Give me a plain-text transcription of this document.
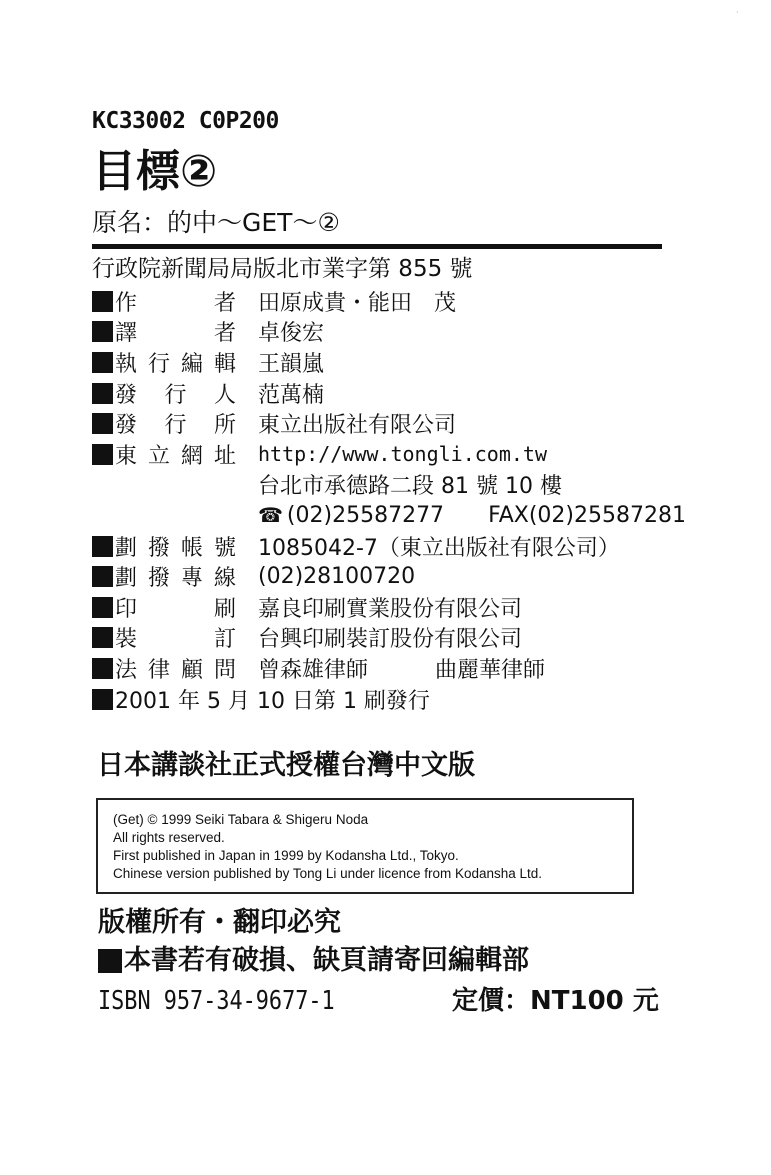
·
KC33002 C0P200
目標②
原名：的中～GET～②
行政院新聞局局版北市業字第 855 號
作者	田原成貴・能田　茂
譯者	卓俊宏
執行編輯	王韻嵐
發行人	范萬楠
發行所	東立出版社有限公司
東立網址	http://www.tongli.com.tw
台北市承德路二段 81 號 10 樓
☎ (02)25587277 FAX(02)25587281
劃撥帳號	1085042-7（東立出版社有限公司）
劃撥專線	(02)28100720
印刷	嘉良印刷實業股份有限公司
裝訂	台興印刷裝訂股份有限公司
法律顧問	曾森雄律師 曲麗華律師
2001 年 5 月 10 日第 1 刷發行
日本講談社正式授權台灣中文版
(Get) © 1999 Seiki Tabara & Shigeru Noda
All rights reserved.
First published in Japan in 1999 by Kodansha Ltd., Tokyo.
Chinese version published by Tong Li under licence from Kodansha Ltd.
版權所有・翻印必究
本書若有破損、缺頁請寄回編輯部
ISBN 957-34-9677-1	定價：NT100 元
